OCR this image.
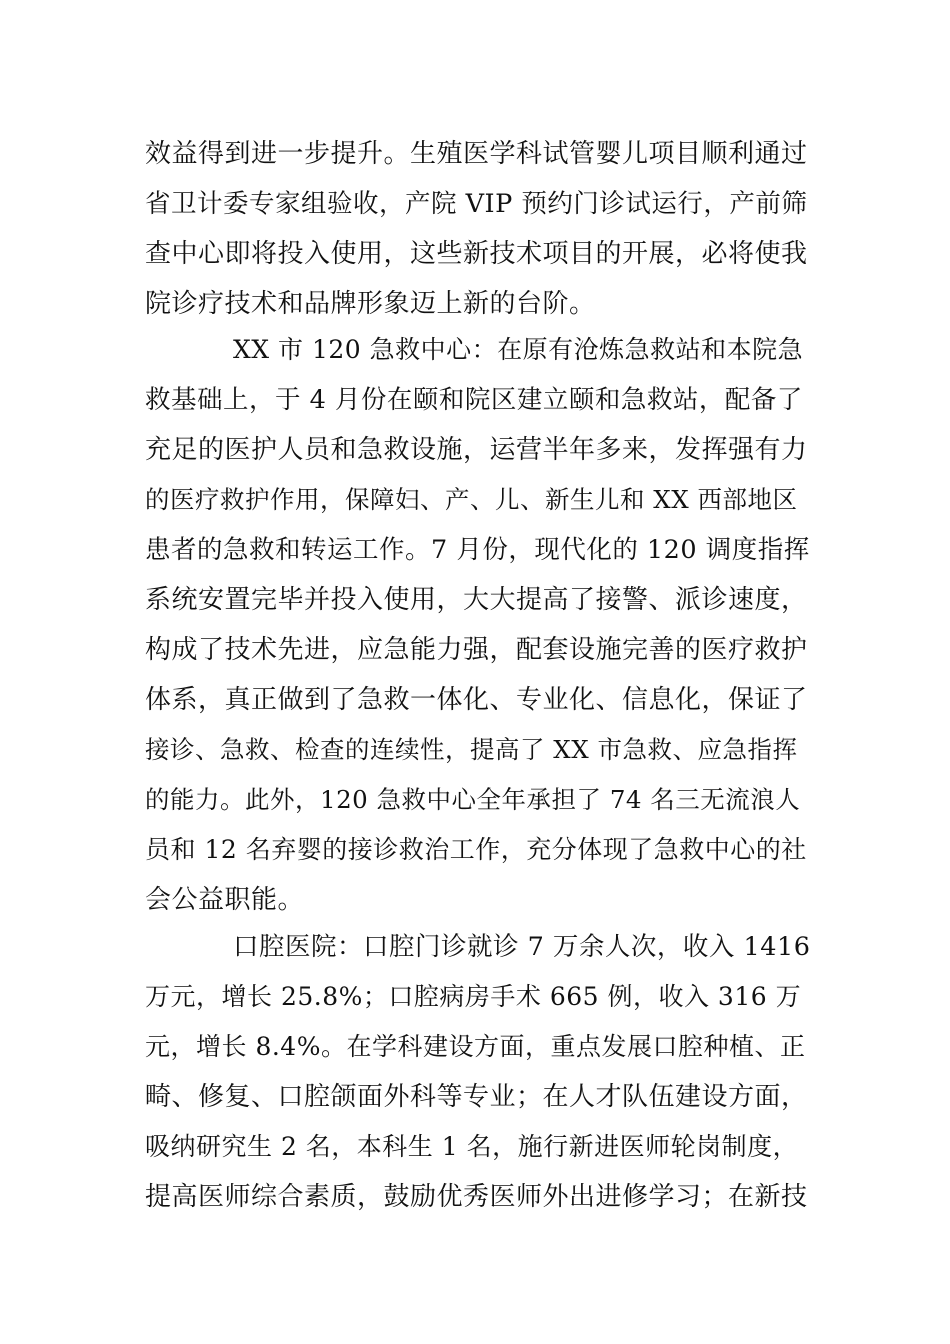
效益得到进一步提升。生殖医学科试管婴儿项目顺利通过
省卫计委专家组验收，产院 VIP 预约门诊试运行，产前筛
查中心即将投入使用，这些新技术项目的开展，必将使我
院诊疗技术和品牌形象迈上新的台阶。
XX 市 120 急救中心：在原有沧炼急救站和本院急
救基础上，于 4 月份在颐和院区建立颐和急救站，配备了
充足的医护人员和急救设施，运营半年多来，发挥强有力
的医疗救护作用，保障妇、产、儿、新生儿和 XX 西部地区
患者的急救和转运工作。7 月份，现代化的 120 调度指挥
系统安置完毕并投入使用，大大提高了接警、派诊速度，
构成了技术先进，应急能力强，配套设施完善的医疗救护
体系，真正做到了急救一体化、专业化、信息化，保证了
接诊、急救、检查的连续性，提高了 XX 市急救、应急指挥
的能力。此外，120 急救中心全年承担了 74 名三无流浪人
员和 12 名弃婴的接诊救治工作，充分体现了急救中心的社
会公益职能。
口腔医院：口腔门诊就诊 7 万余人次，收入 1416
万元，增长 25.8%；口腔病房手术 665 例，收入 316 万
元，增长 8.4%。在学科建设方面，重点发展口腔种植、正
畸、修复、口腔颌面外科等专业；在人才队伍建设方面，
吸纳研究生 2 名，本科生 1 名，施行新进医师轮岗制度，
提高医师综合素质，鼓励优秀医师外出进修学习；在新技
